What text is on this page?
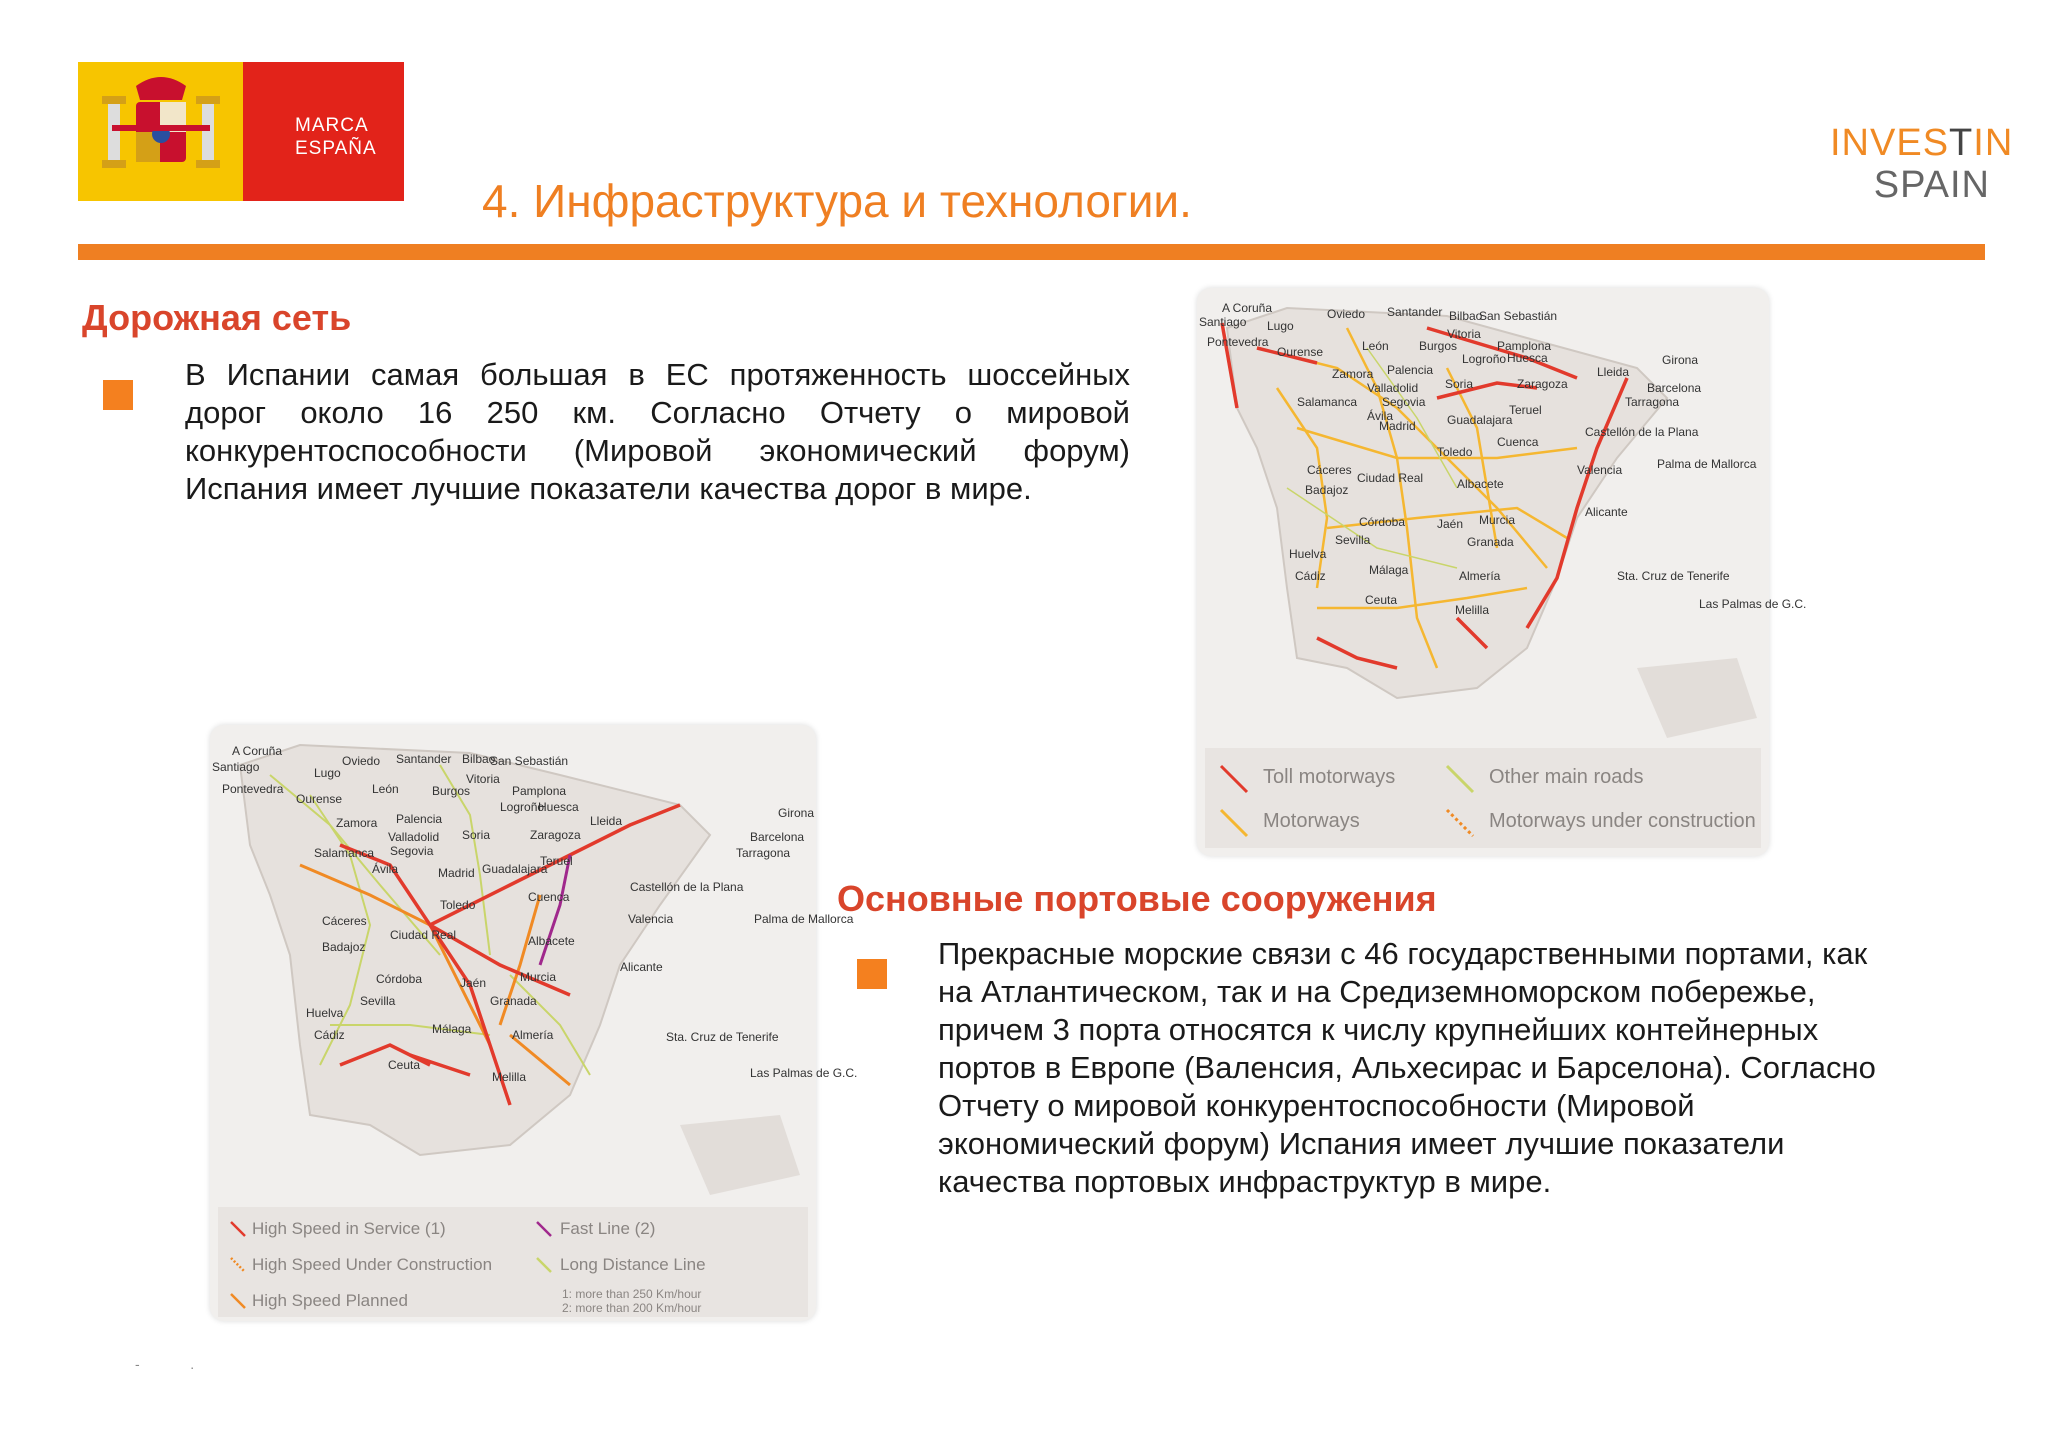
MARCA
ESPAÑA	INVESTIN
SPAIN
4. Инфраструктура и технологии.
Дорожная сеть
В Испании самая большая в ЕС протяженность шоссейных дорог около 16 250 км. Согласно Отчету о мировой конкурентоспособности (Мировой экономический форум) Испания имеет лучшие показатели качества дорог в мире.
Основные портовые сооружения
Прекрасные морские связи с 46 государственными портами, как на Атлантическом, так и на Средиземноморском побережье, причем 3 порта относятся к числу крупнейших контейнерных портов в Европе (Валенсия, Альхесирас и Барселона). Согласно Отчету о мировой конкурентоспособности (Мировой экономический форум) Испания имеет лучшие показатели качества портовых инфраструктур в мире.
A Coruña
Santiago Lugo
Oviedo Santander Bilbao
San Sebastián
Pontevedra
Ourense	León	Burgos
Vitoria
Pamplona
Logroño Huesca	Girona
Zamora Palencia	Lleida
Valladolid Soria	Zaragoza	Barcelona
Salamanca Segovia	Tarragona
Ávila
Madrid	Guadalajara
Teruel
Cuenca
Castellón de la Plana
Toledo
Cáceres	Valencia	Palma de Mallorca
Ciudad Real	Albacete
Badajoz
Alicante
Córdoba	Jaén Murcia
Sevilla	Granada
Huelva
Cádiz	Málaga	Almería	Sta. Cruz de Tenerife
Ceuta
Melilla	Las Palmas de G.C.
Toll motorways	Other main roads
Motorways	Motorways under construction
A Coruña
Santiago	Lugo
Oviedo Santander Bilbao
San Sebastián
Pontevedra
Ourense
León	Burgos
Vitoria
Pamplona
Logroño
Huesca	Girona
Zamora Palencia	Lleida
Valladolid Soria	Zaragoza	Barcelona
Salamanca Segovia	Tarragona
Ávila	Madrid Guadalajara
Teruel
Cuenca
Castellón de la Plana
Toledo
Cáceres	Valencia	Palma de Mallorca
Ciudad Real	Albacete
Badajoz
Alicante
Córdoba	Jaén	Murcia
Sevilla	Granada
Huelva
Cádiz	Málaga	Almería	Sta. Cruz de Tenerife
Ceuta
Melilla	Las Palmas de G.C.
High Speed in Service (1)	Fast Line (2)
High Speed Under Construction	Long Distance Line
High Speed Planned	1: more than 250 Km/hour
2: more than 200 Km/hour
-             .
